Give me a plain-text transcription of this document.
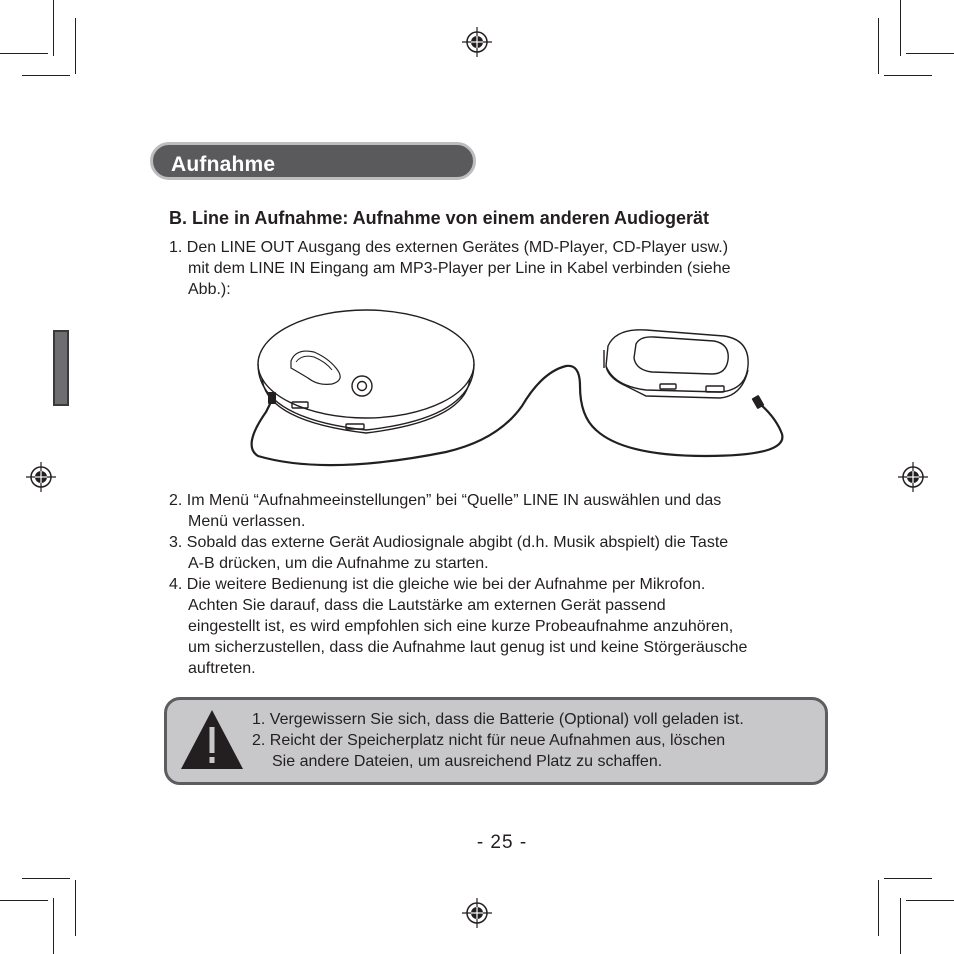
Aufnahme
B. Line in Aufnahme: Aufnahme von einem anderen Audiogerät
1. Den LINE OUT Ausgang des externen Gerätes (MD-Player, CD-Player usw.)
mit dem LINE IN Eingang am MP3-Player per Line in Kabel verbinden (siehe
Abb.):
2. Im Menü “Aufnahmeeinstellungen” bei “Quelle” LINE IN auswählen und das
Menü verlassen.
3. Sobald das externe Gerät Audiosignale abgibt (d.h. Musik abspielt) die Taste
A-B drücken, um die Aufnahme zu starten.
4. Die weitere Bedienung ist die gleiche wie bei der Aufnahme per Mikrofon.
Achten Sie darauf, dass die Lautstärke am externen Gerät passend
eingestellt ist, es wird empfohlen sich eine kurze Probeaufnahme anzuhören,
um sicherzustellen, dass die Aufnahme laut genug ist und keine Störgeräusche
auftreten.
1. Vergewissern Sie sich, dass die Batterie (Optional) voll geladen ist.
2. Reicht der Speicherplatz nicht für neue Aufnahmen aus, löschen
Sie andere Dateien, um ausreichend Platz zu schaffen.
- 25 -
